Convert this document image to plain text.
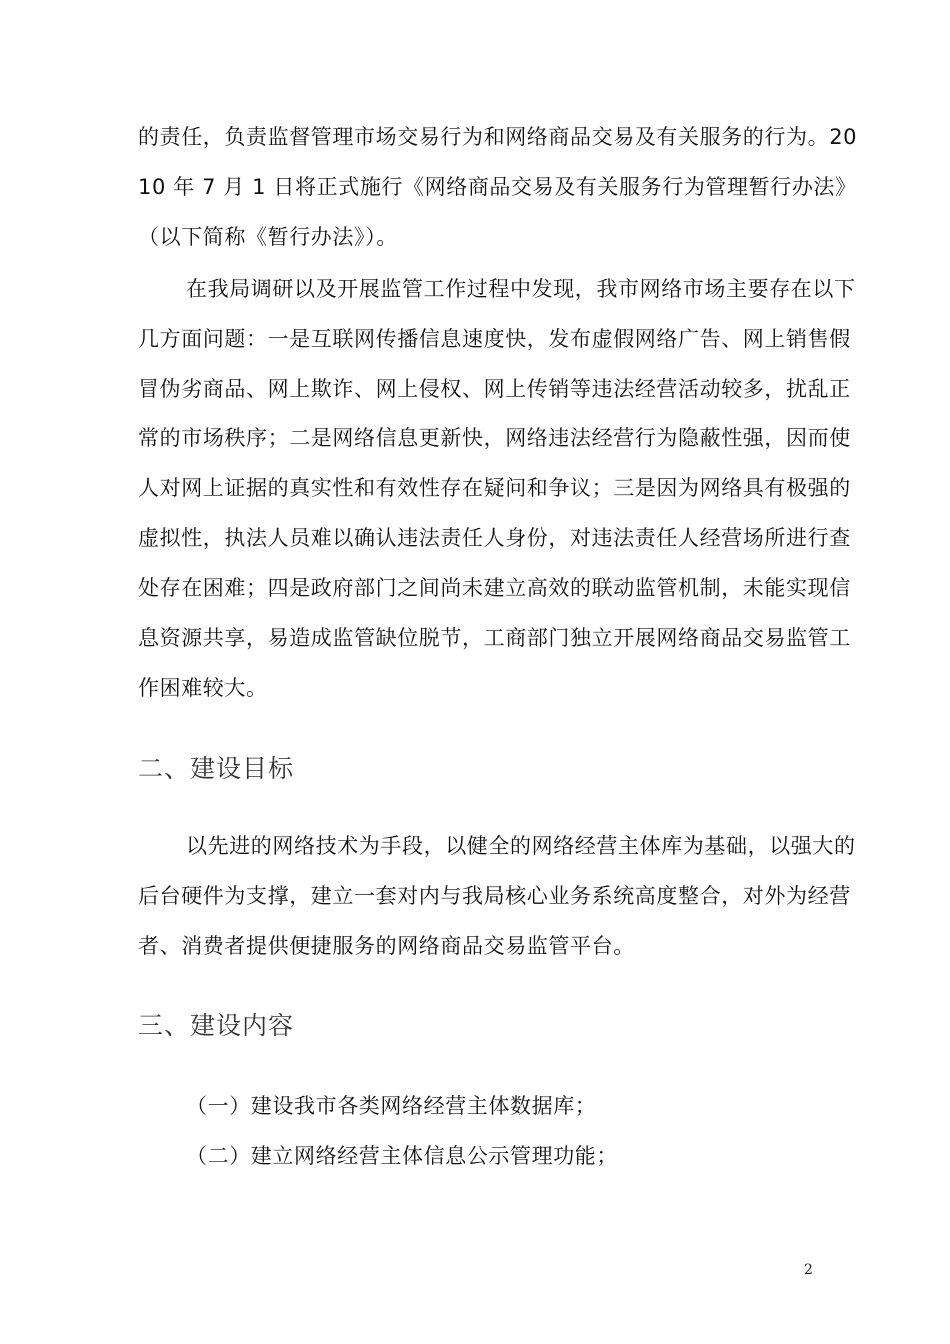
的责任，负责监督管理市场交易行为和网络商品交易及有关服务的行为。20
10 年 7 月 1 日将正式施行《网络商品交易及有关服务行为管理暂行办法》
（以下简称《暂行办法》）。
在我局调研以及开展监管工作过程中发现，我市网络市场主要存在以下
几方面问题：一是互联网传播信息速度快，发布虚假网络广告、网上销售假
冒伪劣商品、网上欺诈、网上侵权、网上传销等违法经营活动较多，扰乱正
常的市场秩序；二是网络信息更新快，网络违法经营行为隐蔽性强，因而使
人对网上证据的真实性和有效性存在疑问和争议；三是因为网络具有极强的
虚拟性，执法人员难以确认违法责任人身份，对违法责任人经营场所进行查
处存在困难；四是政府部门之间尚未建立高效的联动监管机制，未能实现信
息资源共享，易造成监管缺位脱节，工商部门独立开展网络商品交易监管工
作困难较大。
二、建设目标
以先进的网络技术为手段，以健全的网络经营主体库为基础，以强大的
后台硬件为支撑，建立一套对内与我局核心业务系统高度整合，对外为经营
者、消费者提供便捷服务的网络商品交易监管平台。
三、建设内容
（一）建设我市各类网络经营主体数据库；
（二）建立网络经营主体信息公示管理功能；
2
